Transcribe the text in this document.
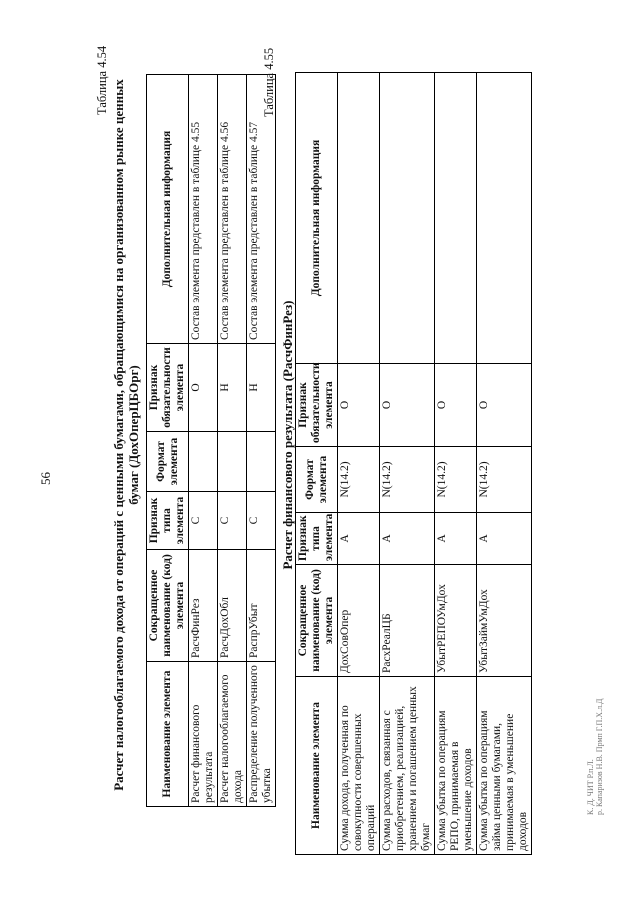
56
Таблица 4.54 Расчет налогооблагаемого дохода от операций с ценными бумагами, обращающимися на организованном рынке ценных бумаг (ДохОперЦБОрг)
Наименование элемента	Сокращенное наименование (код) элемента	Признак типа элемента	Формат элемента	Признак обязательности элемента	Дополнительная информация
Расчет финансового результата	РасчФинРез	С		О	Состав элемента представлен в таблице 4.55
Расчет налогооблагаемого дохода	РасчДохОбл	С		Н	Состав элемента представлен в таблице 4.56
Распределение полученного убытка	РаспрУбыт	С		Н	Состав элемента представлен в таблице 4.57
Таблица 4.55
Расчет финансового результата (РасчФинРез)
Наименование элемента	Сокращенное наименование (код) элемента	Признак типа элемента	Формат элемента	Признак обязательности элемента	Дополнительная информация
Сумма дохода, полученная по совокупности совершенных операций	ДохСовОпер	А	N(14.2)	О	
Сумма расходов, связанная с приобретением, реализацией, хранением и погашением ценных бумаг	РасхРеалЦБ	А	N(14.2)	О	
Сумма убытка по операциям РЕПО, принимаемая в уменьшение доходов	УбытРЕПОУмДох	А	N(14.2)	О	
Сумма убытка по операциям займа ценными бумагами, принимаемая в уменьшение доходов	УбытЗаймУмДох	А	N(14.2)	О	
К. Д. ЧИТ Р.п.Л. р. Капаризов Н.В. Прмп Г.П.Х.л.Д
